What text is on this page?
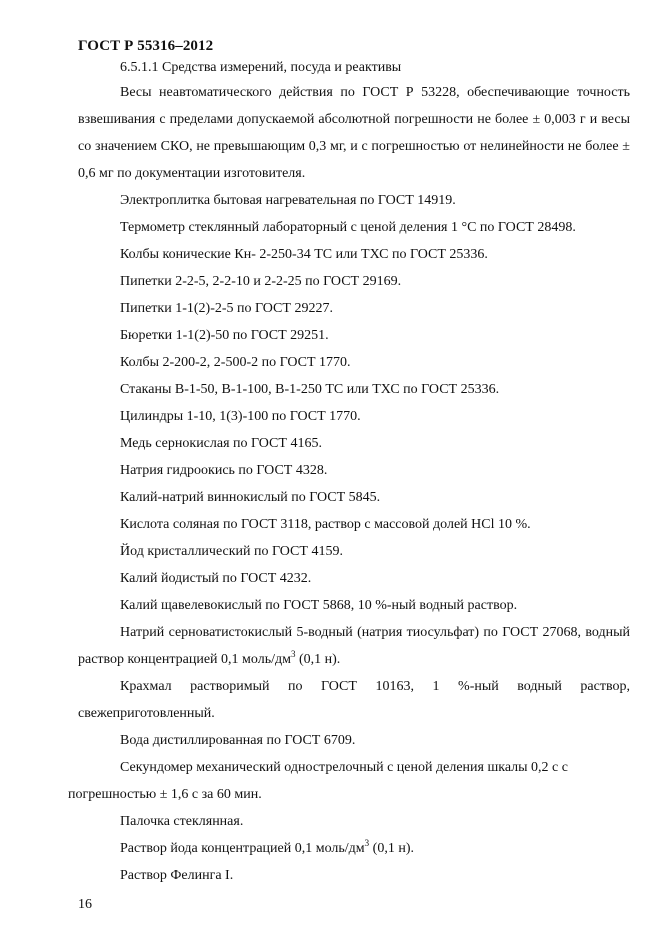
ГОСТ Р 55316–2012
6.5.1.1 Средства измерений, посуда и реактивы

Весы неавтоматического действия по ГОСТ Р 53228, обеспечивающие точность взвешивания с пределами допускаемой абсолютной погрешности не более ± 0,003 г и весы со значением СКО, не превышающим 0,3 мг, и с погрешностью от нелинейности не более ± 0,6 мг по документации изготовителя.

Электроплитка бытовая нагревательная по ГОСТ 14919.

Термометр стеклянный лабораторный с ценой деления 1 °С по ГОСТ 28498.

Колбы конические Кн- 2-250-34 ТС или ТХС по ГОСТ 25336.

Пипетки 2-2-5, 2-2-10 и 2-2-25 по ГОСТ 29169.

Пипетки 1-1(2)-2-5 по ГОСТ 29227.

Бюретки 1-1(2)-50 по ГОСТ 29251.

Колбы 2-200-2, 2-500-2 по ГОСТ 1770.

Стаканы В-1-50, В-1-100, В-1-250 ТС или ТХС по ГОСТ 25336.

Цилиндры 1-10, 1(3)-100 по ГОСТ 1770.

Медь сернокислая по ГОСТ 4165.

Натрия гидроокись по ГОСТ 4328.

Калий-натрий виннокислый по ГОСТ 5845.

Кислота соляная по ГОСТ 3118, раствор с массовой долей HCl 10 %.

Йод кристаллический по ГОСТ 4159.

Калий йодистый по ГОСТ 4232.

Калий щавелевокислый по ГОСТ 5868, 10 %-ный водный раствор.

Натрий серноватистокислый 5-водный (натрия тиосульфат) по ГОСТ 27068, водный раствор концентрацией 0,1 моль/$дм^3$ (0,1 н).

Крахмал растворимый по ГОСТ 10163, 1 %-ный водный раствор, свежеприготовленный.

Вода дистиллированная по ГОСТ 6709.

Секундомер механический однострелочный с ценой деления шкалы 0,2 с с погрешностью ± 1,6 с за 60 мин.

Палочка стеклянная.

Раствор йода концентрацией 0,1 моль/$дм^3$ (0,1 н).

Раствор Фелинга I.

16
